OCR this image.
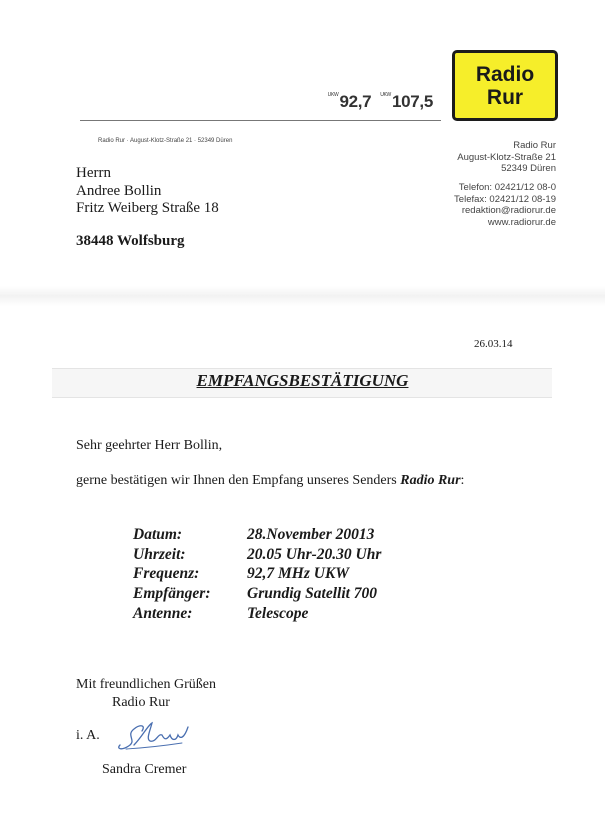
$^{UKW}$92,7 $^{UKW}$107,5
Radio
Rur
Radio Rur · August-Klotz-Straße 21 · 52349 Düren	Radio Rur
August-Klotz-Straße 21
52349 Düren
Telefon: 02421/12 08-0
Telefax: 02421/12 08-19
redaktion@radiorur.de
www.radiorur.de
Herrn
Andree Bollin
Fritz Weiberg Straße 18
38448 Wolfsburg
26.03.14
EMPFANGSBESTÄTIGUNG
Sehr geehrter Herr Bollin,
gerne bestätigen wir Ihnen den Empfang unseres Senders Radio Rur:
Datum:	28.November 20013
Uhrzeit:	20.05 Uhr-20.30 Uhr
Frequenz:	92,7 MHz UKW
Empfänger:	Grundig Satellit 700
Antenne:	Telescope
Mit freundlichen Grüßen
Radio Rur
i. A.
Sandra Cremer
